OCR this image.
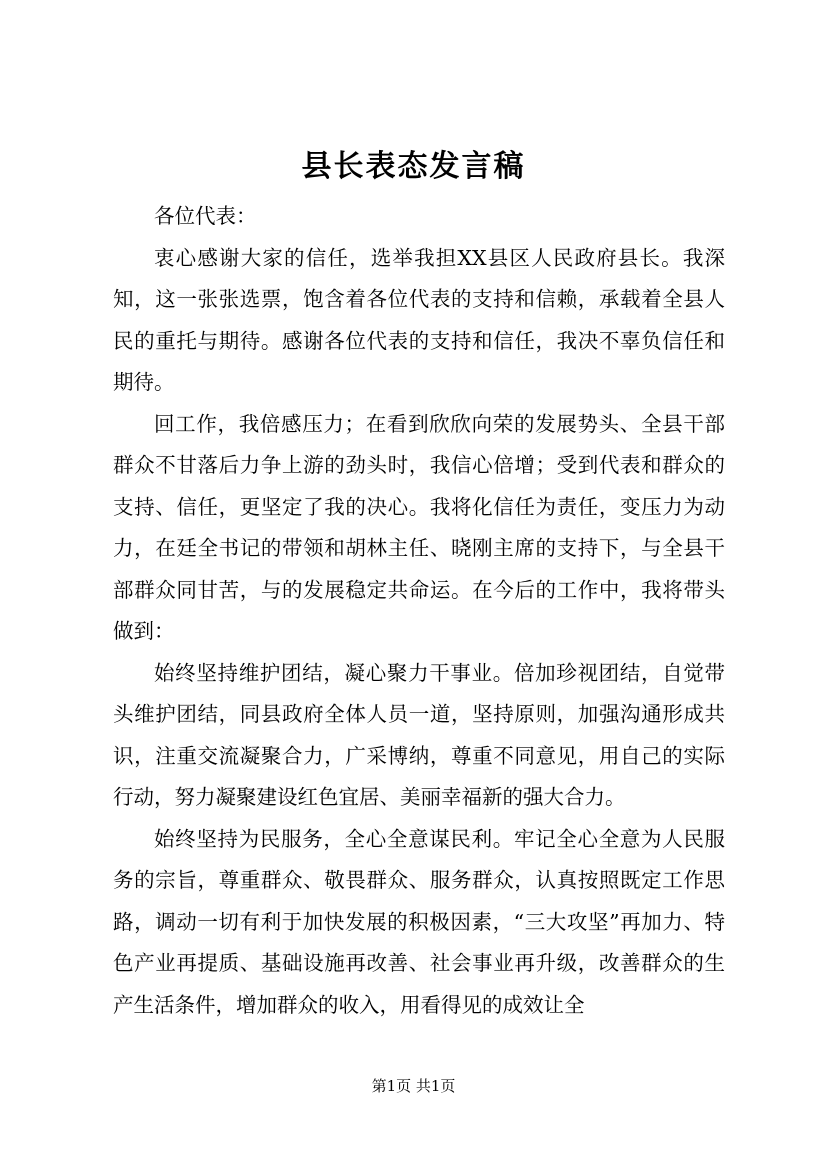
县长表态发言稿

各位代表：

衷心感谢大家的信任，选举我担XX县区人民政府县长。我深知，这一张张选票，饱含着各位代表的支持和信赖，承载着全县人民的重托与期待。感谢各位代表的支持和信任，我决不辜负信任和期待。

回工作，我倍感压力；在看到欣欣向荣的发展势头、全县干部群众不甘落后力争上游的劲头时，我信心倍增；受到代表和群众的支持、信任，更坚定了我的决心。我将化信任为责任，变压力为动力，在廷全书记的带领和胡林主任、晓刚主席的支持下，与全县干部群众同甘苦，与的发展稳定共命运。在今后的工作中，我将带头做到：

始终坚持维护团结，凝心聚力干事业。倍加珍视团结，自觉带头维护团结，同县政府全体人员一道，坚持原则，加强沟通形成共识，注重交流凝聚合力，广采博纳，尊重不同意见，用自己的实际行动，努力凝聚建设红色宜居、美丽幸福新的强大合力。

始终坚持为民服务，全心全意谋民利。牢记全心全意为人民服务的宗旨，尊重群众、敬畏群众、服务群众，认真按照既定工作思路，调动一切有利于加快发展的积极因素，“三大攻坚”再加力、特色产业再提质、基础设施再改善、社会事业再升级，改善群众的生产生活条件，增加群众的收入，用看得见的成效让全

第1页 共1页
